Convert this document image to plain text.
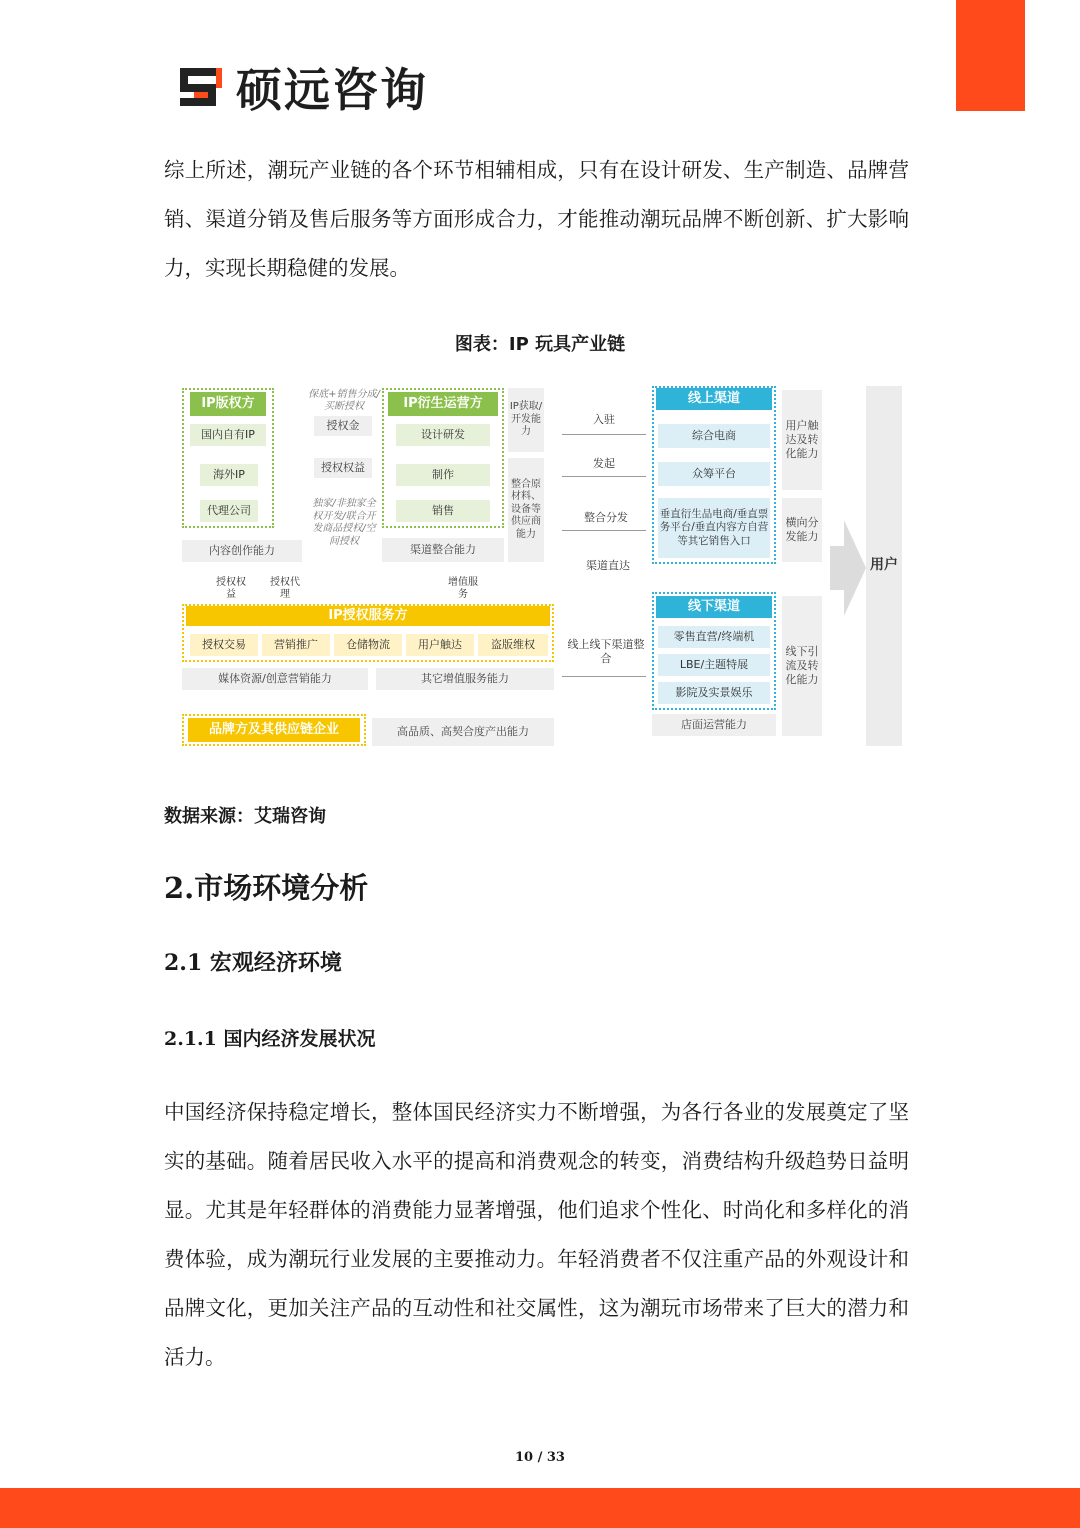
硕远咨询

综上所述，潮玩产业链的各个环节相辅相成，只有在设计研发、生产制造、品牌营销、渠道分销及售后服务等方面形成合力，才能推动潮玩品牌不断创新、扩大影响力，实现长期稳健的发展。

图表：IP 玩具产业链
IP版权方
国内自有IP
海外IP
代理公司
内容创作能力
保底+销售分成/买断授权
授权金
授权权益
独家/非独家全权开发/联合开发商品授权/空间授权
IP衍生运营方
设计研发
制作
销售
渠道整合能力
IP获取/开发能力
整合原材料、设备等供应商能力
授权权益
授权代理
增值服务
IP授权服务方
授权交易	营销推广	仓储物流	用户触达	盗版维权
媒体资源/创意营销能力	其它增值服务能力
品牌方及其供应链企业	高品质、高契合度产出能力
入驻
发起
整合分发
渠道直达
线上线下渠道整合
线上渠道
综合电商
众筹平台
垂直衍生品电商/垂直票务平台/垂直内容方自营等其它销售入口
用户触达及转化能力
横向分发能力
线下渠道
零售直营/终端机
LBE/主题特展
影院及实景娱乐
店面运营能力
线下引流及转化能力
用户
数据来源：艾瑞咨询
2.市场环境分析
2.1 宏观经济环境
2.1.1 国内经济发展状况

中国经济保持稳定增长，整体国民经济实力不断增强，为各行各业的发展奠定了坚实的基础。随着居民收入水平的提高和消费观念的转变，消费结构升级趋势日益明显。尤其是年轻群体的消费能力显著增强，他们追求个性化、时尚化和多样化的消费体验，成为潮玩行业发展的主要推动力。年轻消费者不仅注重产品的外观设计和品牌文化，更加关注产品的互动性和社交属性，这为潮玩市场带来了巨大的潜力和活力。

10 / 33
